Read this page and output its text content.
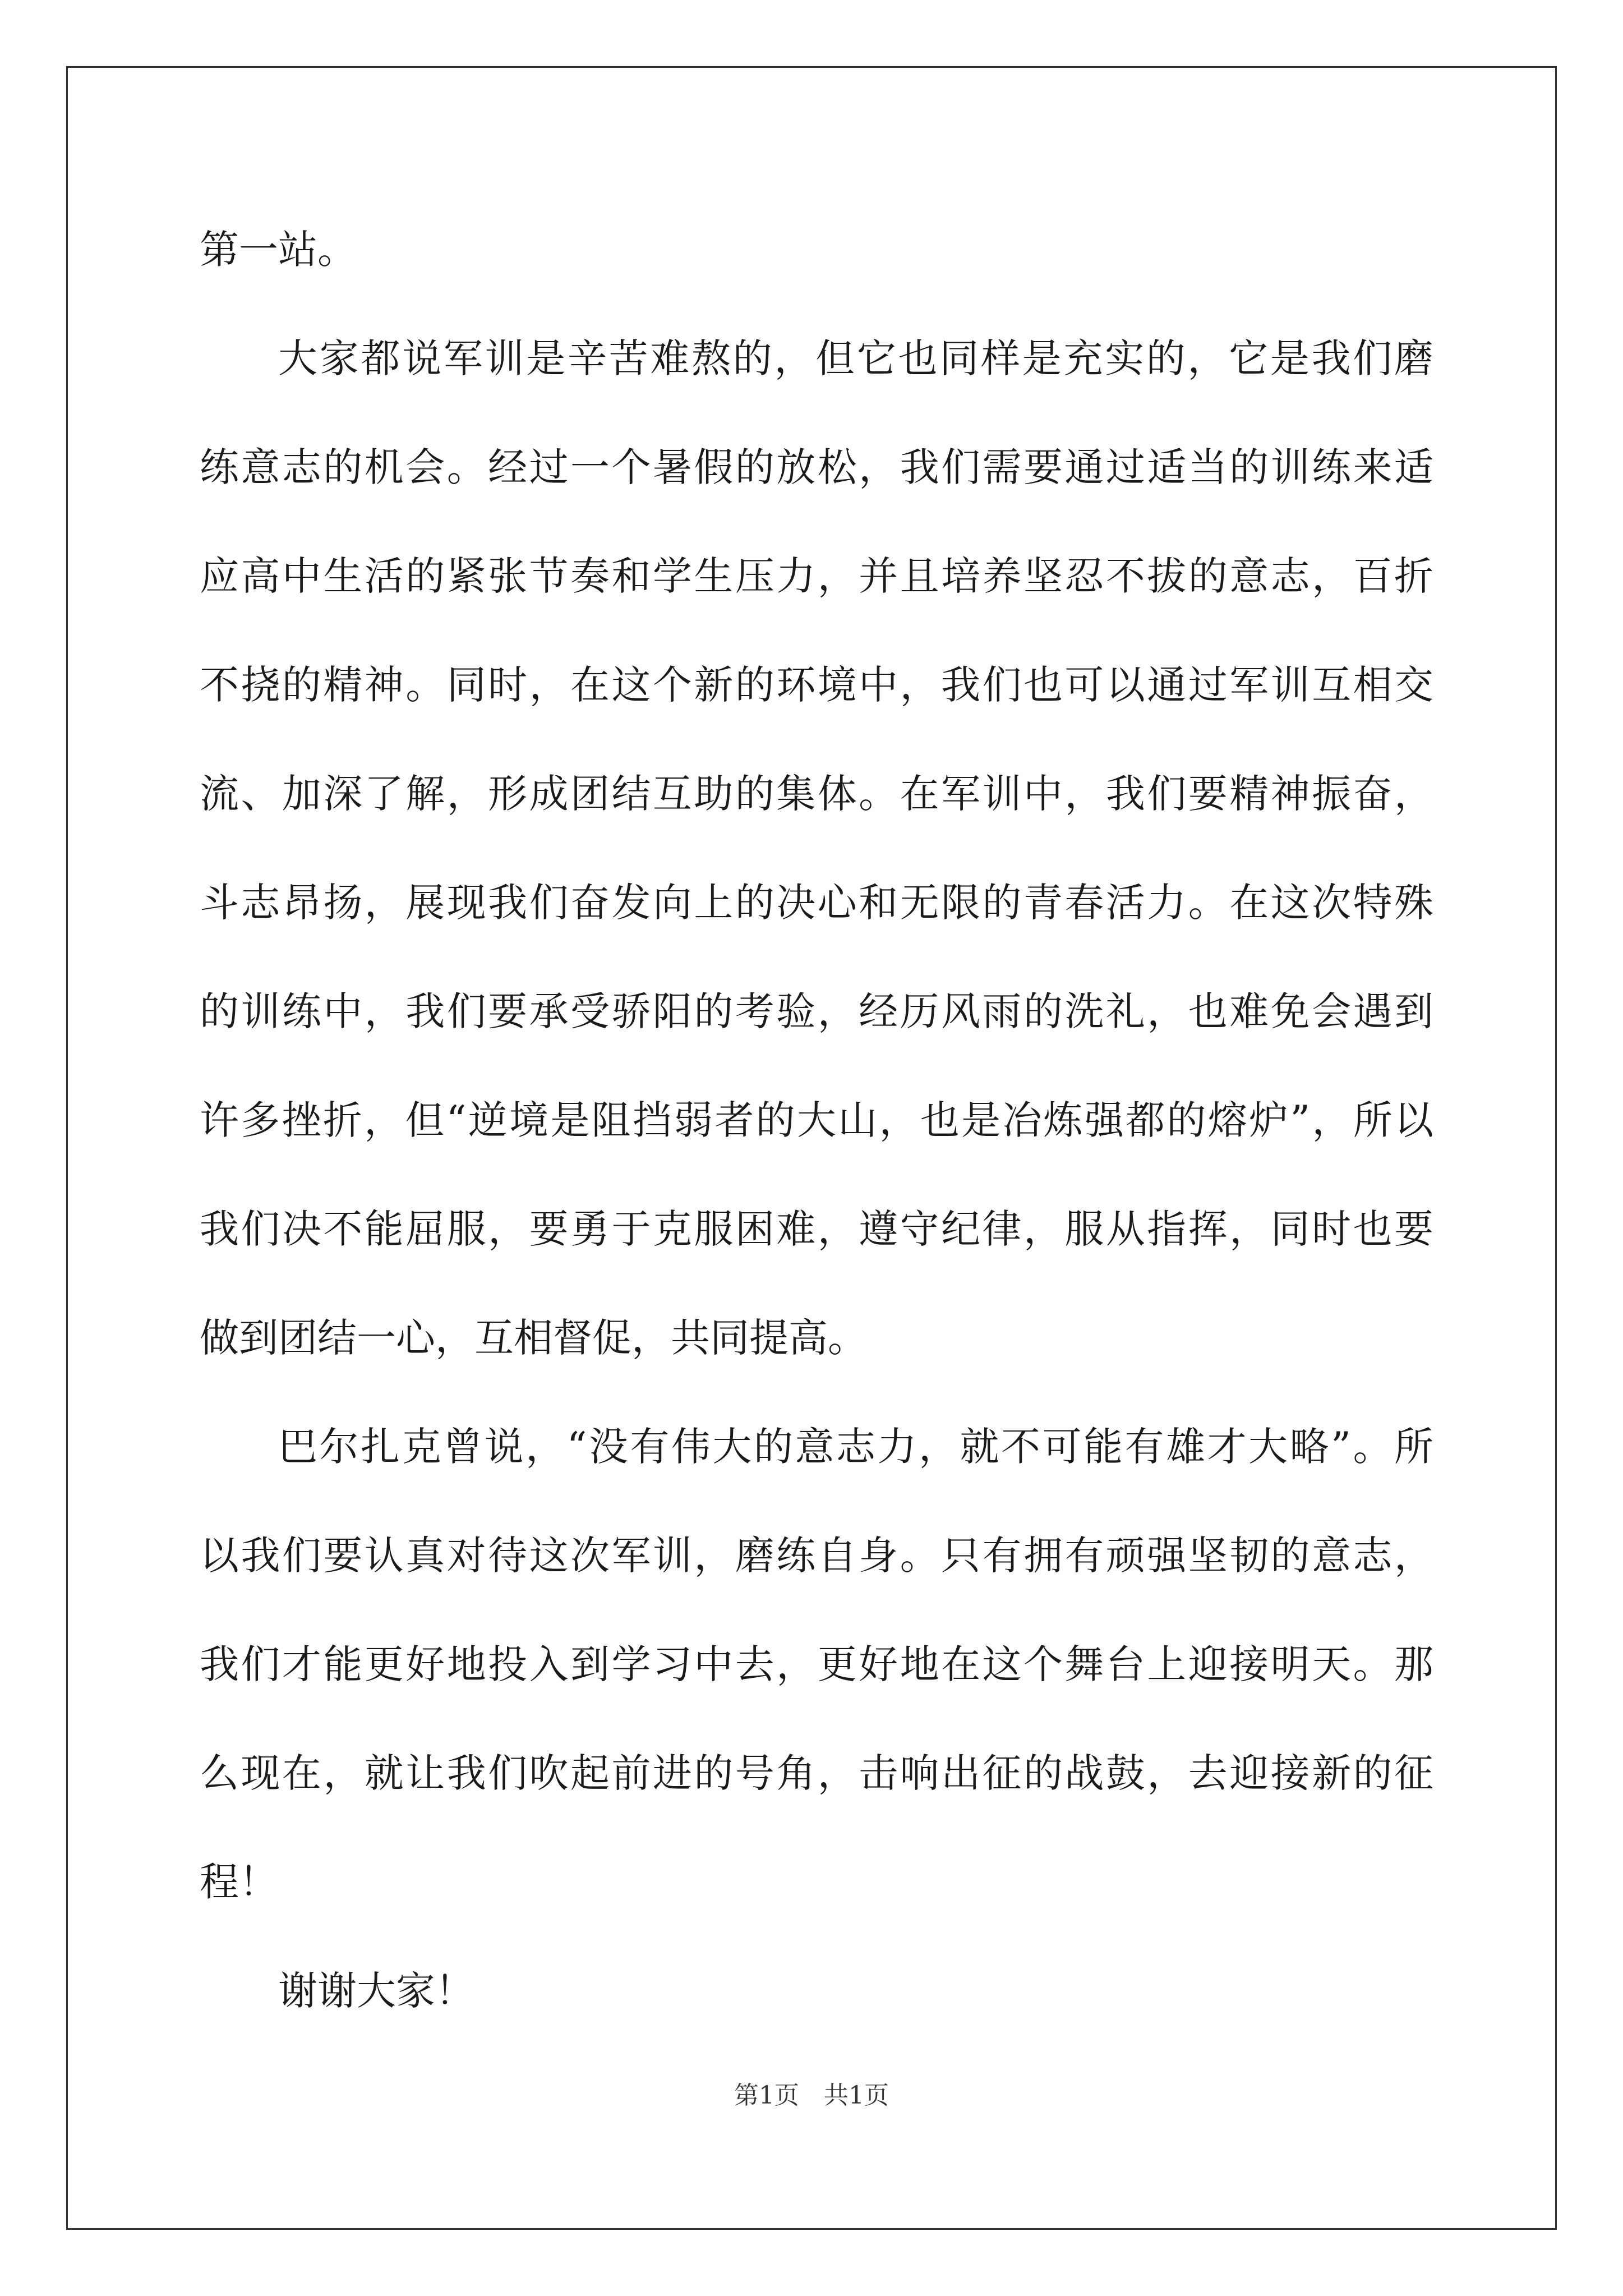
第一站。
大家都说军训是辛苦难熬的，但它也同样是充实的，它是我们磨
练意志的机会。经过一个暑假的放松，我们需要通过适当的训练来适
应高中生活的紧张节奏和学生压力，并且培养坚忍不拔的意志，百折
不挠的精神。同时，在这个新的环境中，我们也可以通过军训互相交
流、加深了解，形成团结互助的集体。在军训中，我们要精神振奋，
斗志昂扬，展现我们奋发向上的决心和无限的青春活力。在这次特殊
的训练中，我们要承受骄阳的考验，经历风雨的洗礼，也难免会遇到
许多挫折，但“逆境是阻挡弱者的大山，也是冶炼强都的熔炉”，所以
我们决不能屈服，要勇于克服困难，遵守纪律，服从指挥，同时也要
做到团结一心，互相督促，共同提高。
巴尔扎克曾说，“没有伟大的意志力，就不可能有雄才大略”。所
以我们要认真对待这次军训，磨练自身。只有拥有顽强坚韧的意志，
我们才能更好地投入到学习中去，更好地在这个舞台上迎接明天。那
么现在，就让我们吹起前进的号角，击响出征的战鼓，去迎接新的征
程！
谢谢大家！
第1页 共1页
